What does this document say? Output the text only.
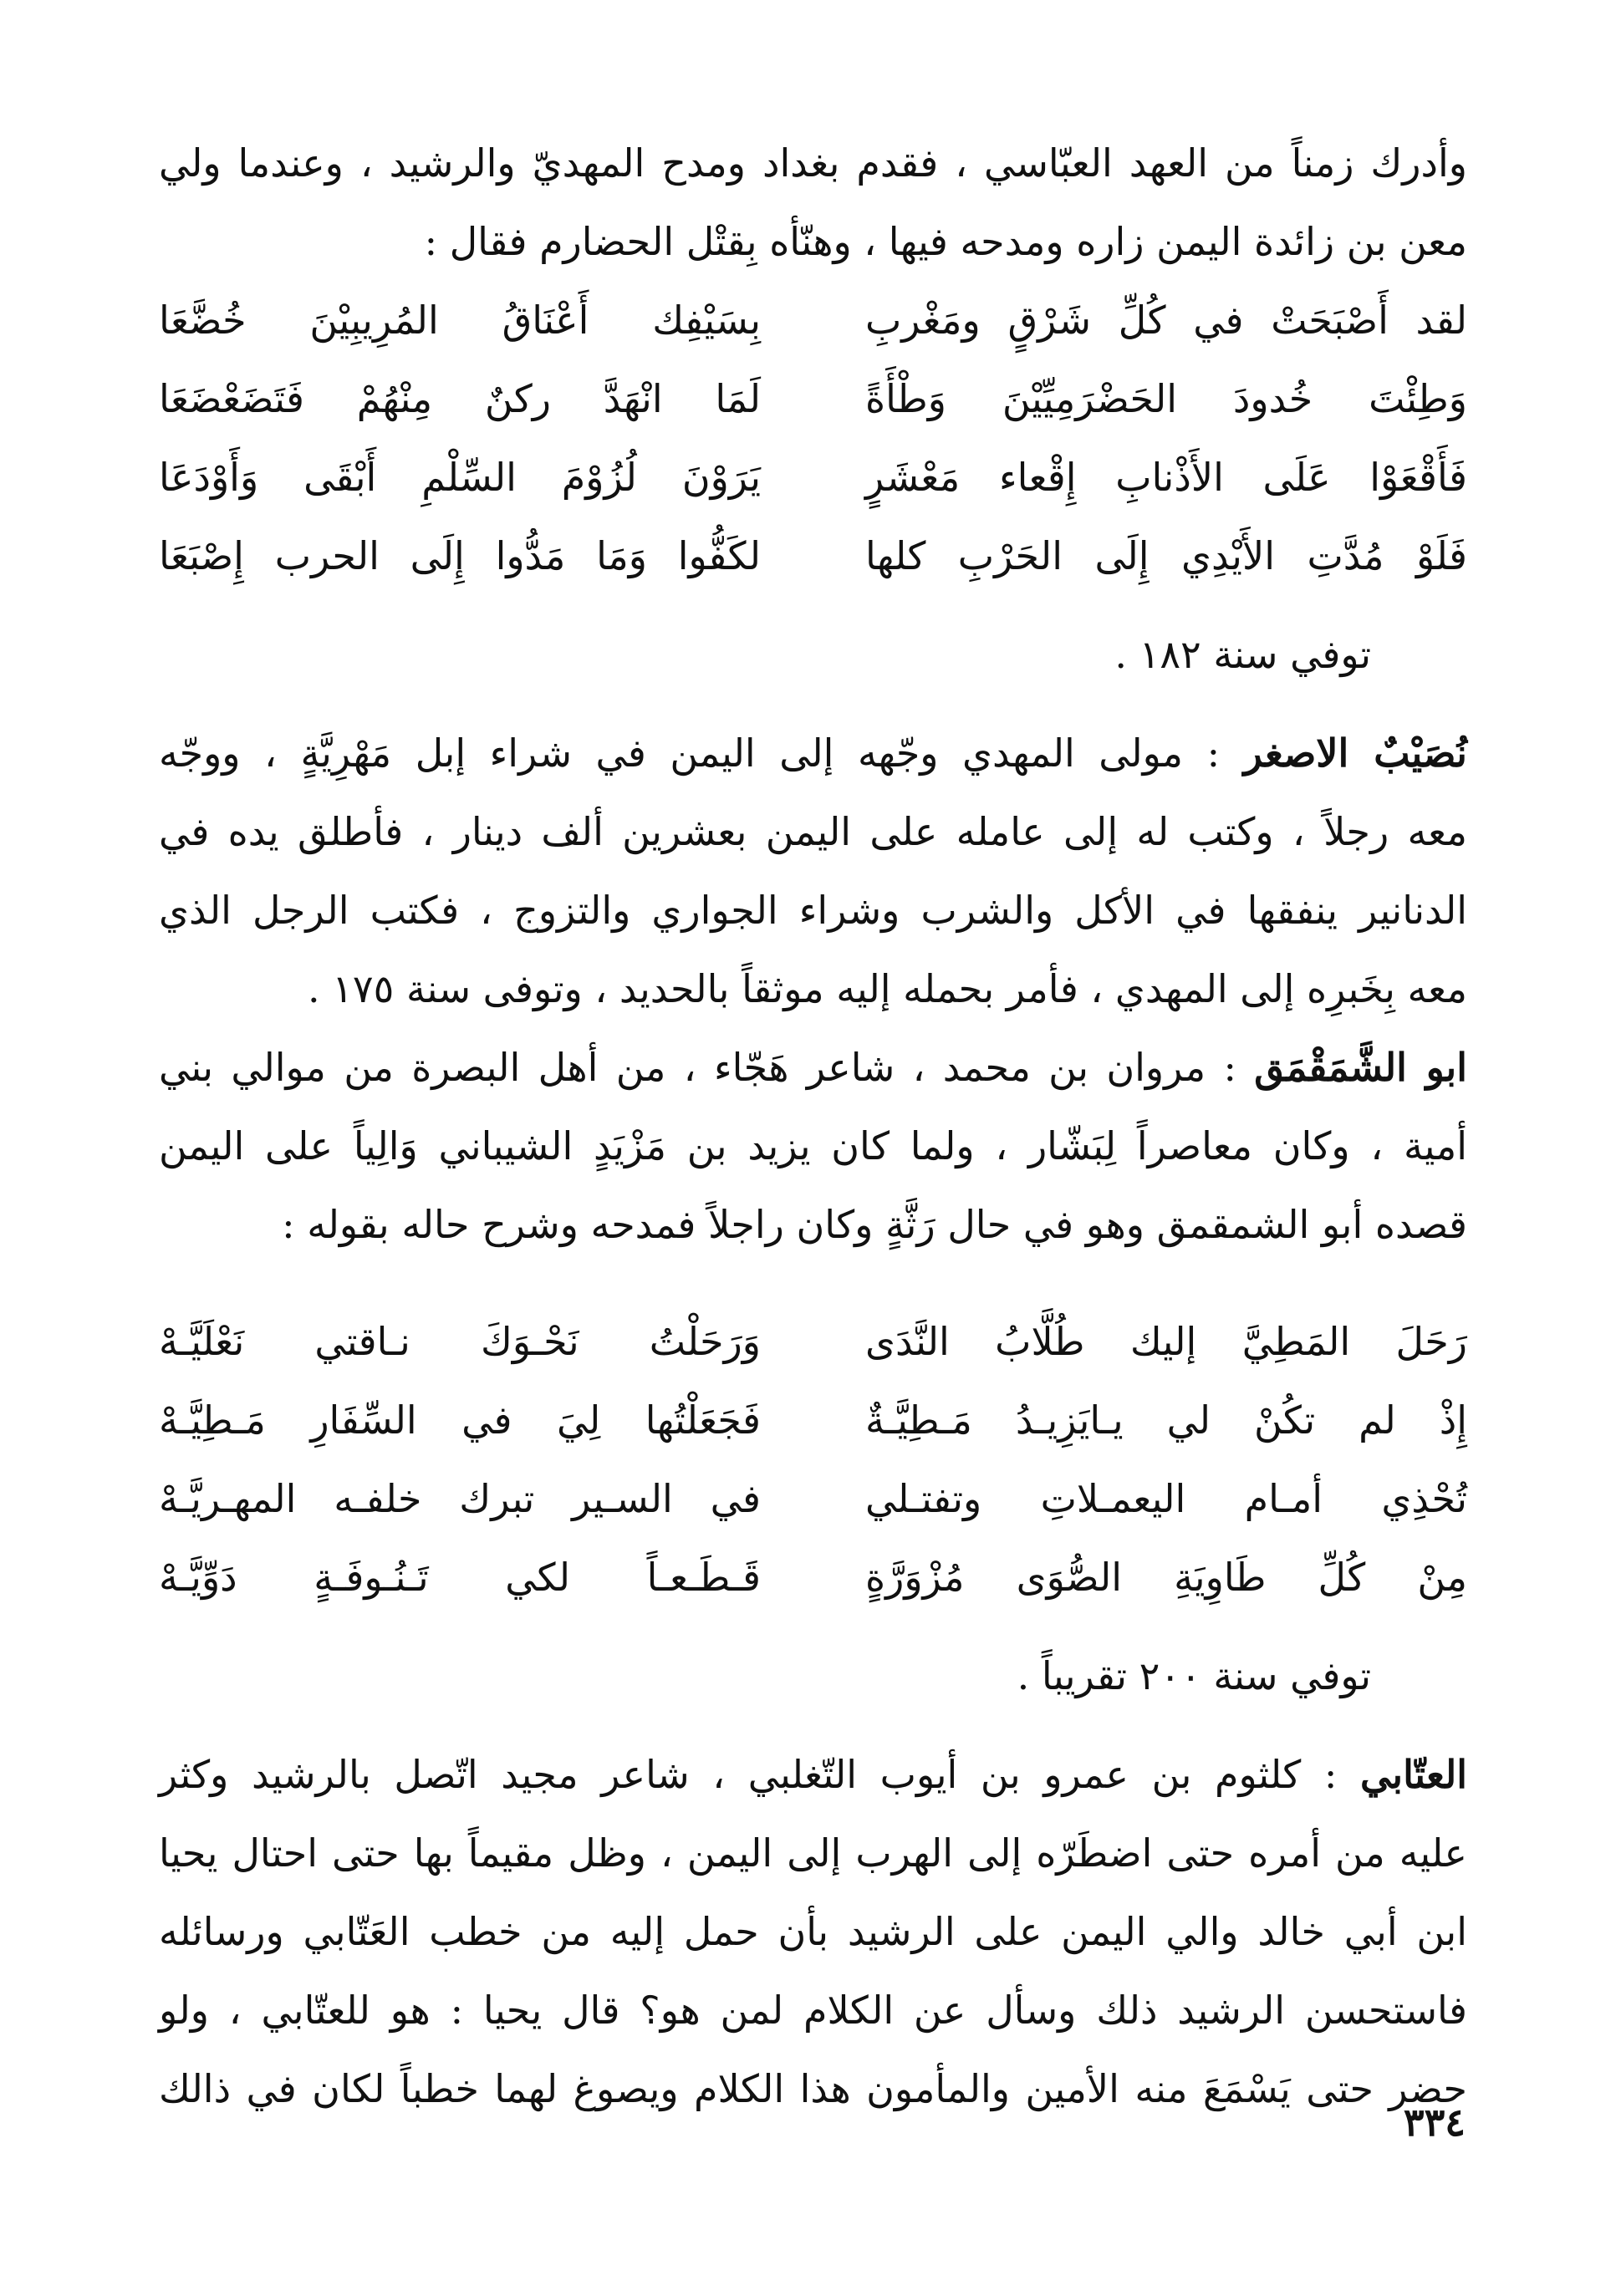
وأدرك زمناً من العهد العبّاسي ، فقدم بغداد ومدح المهديّ والرشيد ، وعندما ولي
معن بن زائدة اليمن زاره ومدحه فيها ، وهنّأه بِقتْل الحضارم فقال :
لقد أَصْبَحَتْ في كُلِّ شَرْقٍ ومَغْربِ
بِسَيْفِك أَعْنَاقُ المُرِيبِيْنَ خُضَّعَا
وَطِئْتَ خُدودَ الحَضْرَمِيِّيْنَ وَطْأَةً
لَمَا انْهَدَّ ركنٌ مِنْهُمْ فَتَضَعْضَعَا
فَأَقْعَوْا عَلَى الأَذْنابِ إِقْعاء مَعْشَرٍ
يَرَوْنَ لُزُوْمَ السِّلْمِ أَبْقَى وَأَوْدَعَا
فَلَوْ مُدَّتِ الأَيْدِي إِلَى الحَرْبِ كلها
لكَفُّوا وَمَا مَدُّوا إِلَى الحرب إِصْبَعَا
توفي سنة ١٨٢ .
نُصَيْبٌ الاصغر : مولى المهدي وجّهه إلى اليمن في شراء إبل مَهْرِيَّةٍ ، ووجّه
معه رجلاً ، وكتب له إلى عامله على اليمن بعشرين ألف دينار ، فأطلق يده في
الدنانير ينفقها في الأكل والشرب وشراء الجواري والتزوج ، فكتب الرجل الذي
معه بِخَبرِه إلى المهدي ، فأمر بحمله إليه موثقاً بالحديد ، وتوفى سنة ١٧٥ .
ابو الشَّمَقْمَق : مروان بن محمد ، شاعر هَجّاء ، من أهل البصرة من موالي بني
أمية ، وكان معاصراً لِبَشّار ، ولما كان يزيد بن مَزْيَدٍ الشيباني وَالِياً على اليمن
قصده أبو الشمقمق وهو في حال رَثَّةٍ وكان راجلاً فمدحه وشرح حاله بقوله :
رَحَلَ المَطِيَّ إليك طُلَّابُ النَّدَى
وَرَحَلْتُ نَحْـوَكَ نـاقتي نَعْلَيَّـهْ
إِذْ لم تكُنْ لي يـايَزِيـدُ مَـطِيَّـةٌ
فَجَعَلْتُها لِيَ في السِّفَارِ مَـطِيَّـهْ
تُحْذِي أمـام اليعمـلاتِ وتفتـلي
في السـير تبرك خلفـه المهـريَّـهْ
مِنْ كُلِّ طَاوِيَةِ الصُّوَى مُزْوَرَّةٍ
قَـطَـعـاً لكي تَـنُـوفَـةٍ دَوِّيَّـهْ
توفي سنة ٢٠٠ تقريباً .
العتّابي : كلثوم بن عمرو بن أيوب التّغلبي ، شاعر مجيد اتّصل بالرشيد وكثر
عليه من أمره حتى اضطَرّه إلى الهرب إلى اليمن ، وظل مقيماً بها حتى احتال يحيا
ابن أبي خالد والي اليمن على الرشيد بأن حمل إليه من خطب العَتّابي ورسائله
فاستحسن الرشيد ذلك وسأل عن الكلام لمن هو؟ قال يحيا : هو للعتّابي ، ولو
حضر حتى يَسْمَعَ منه الأمين والمأمون هذا الكلام ويصوغ لهما خطباً لكان في ذالك
٣٣٤
